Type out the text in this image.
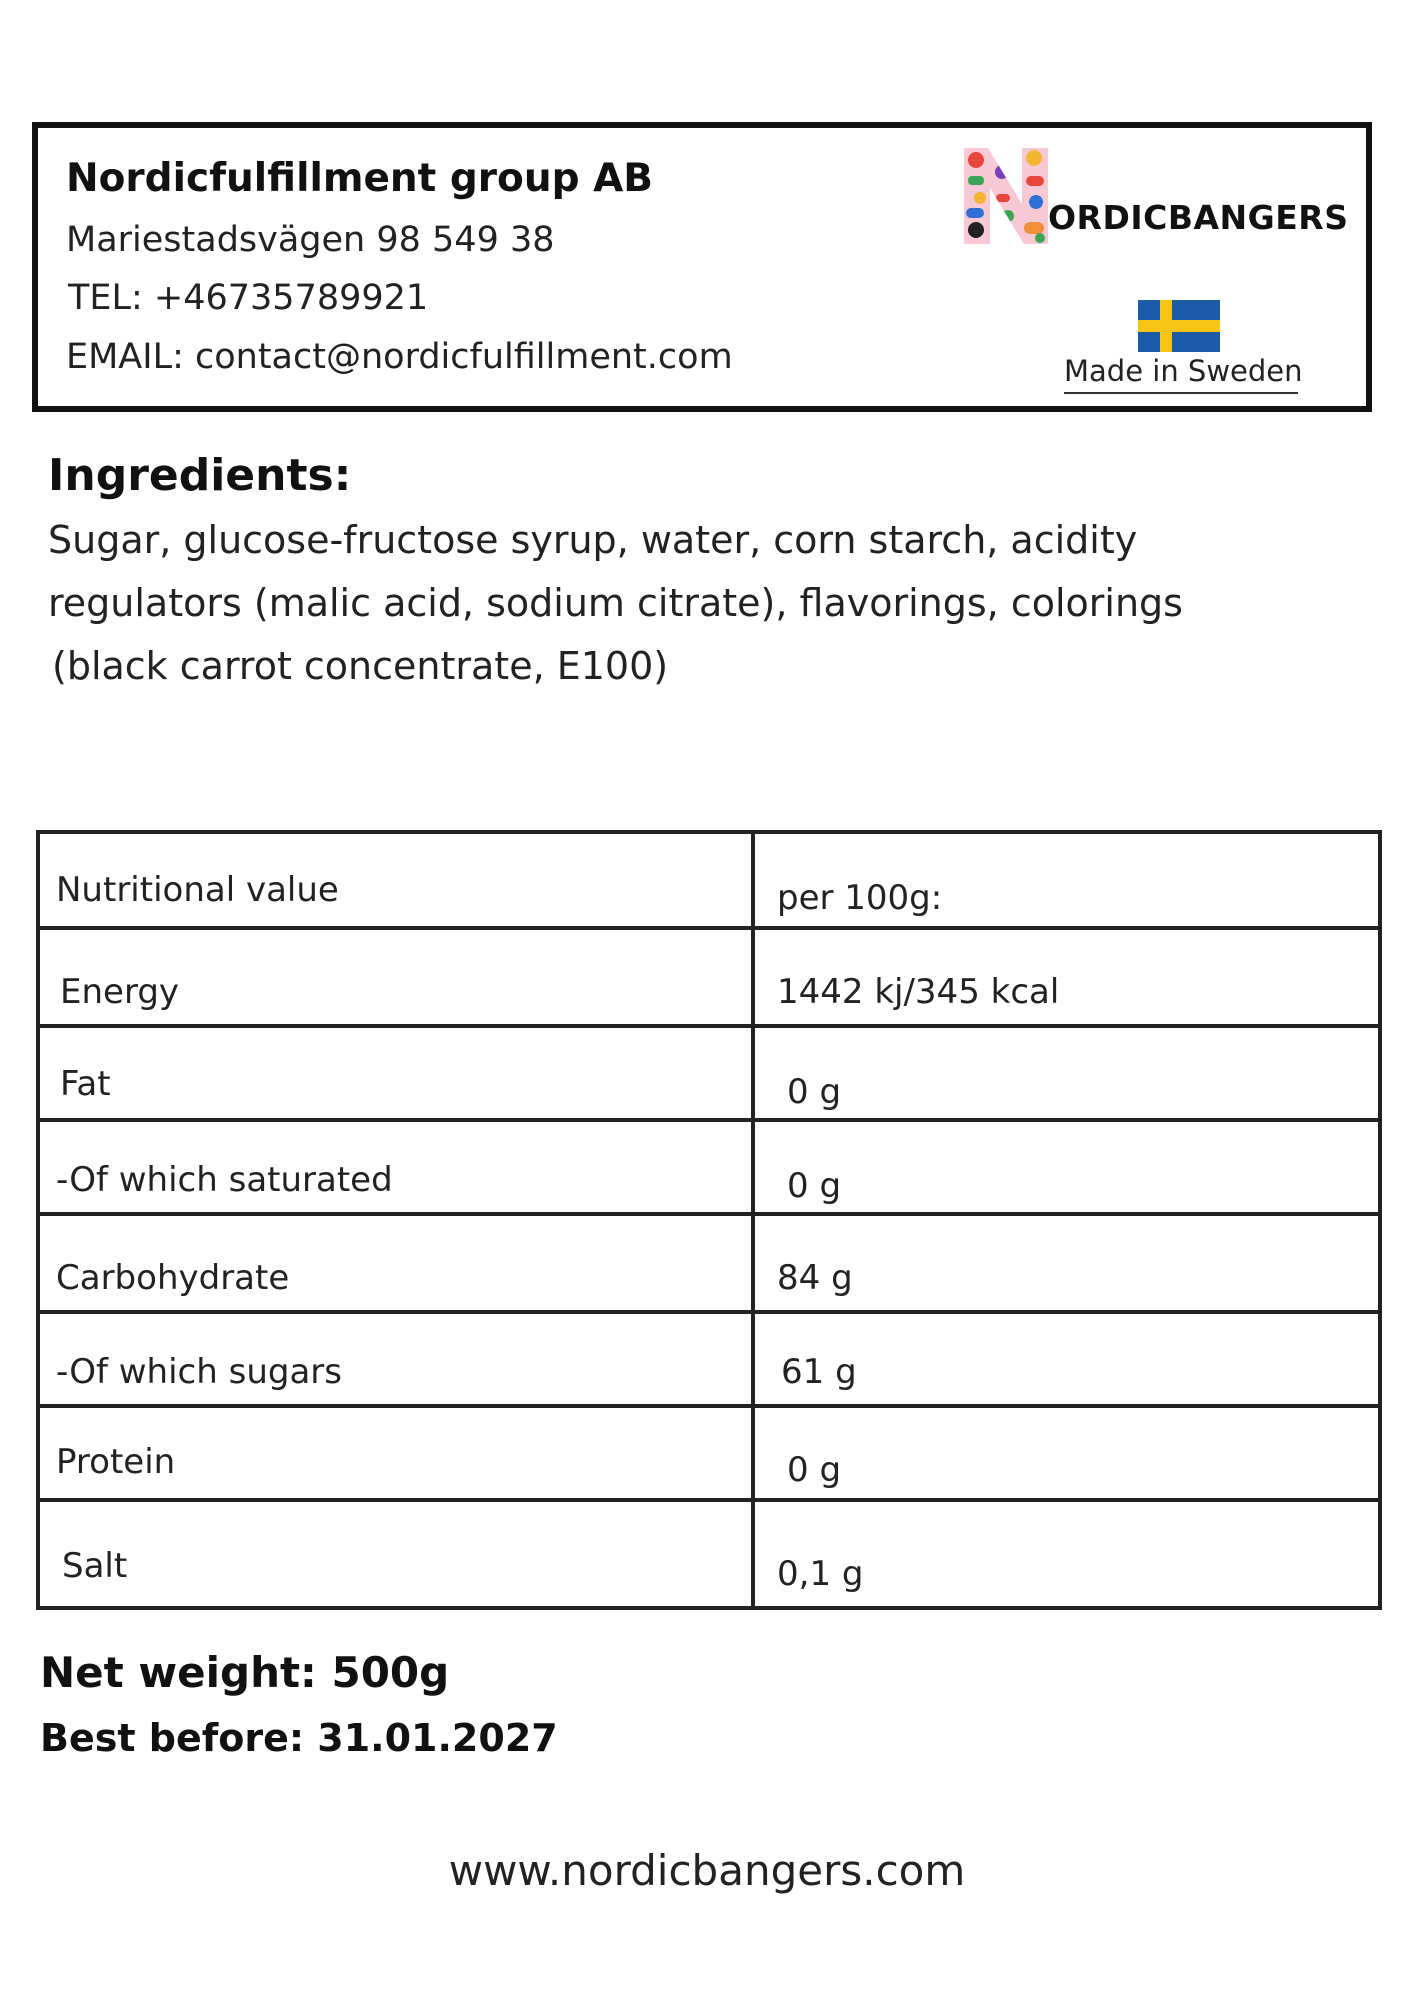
Nordicfulfillment group AB
Mariestadsvägen 98 549 38
TEL: +46735789921
EMAIL: contact@nordicfulfillment.com
ORDICBANGERS
Made in Sweden
Ingredients:
Sugar, glucose-fructose syrup, water, corn starch, acidity
regulators (malic acid, sodium citrate), flavorings, colorings
(black carrot concentrate, E100)
Nutritional value	per 100g:
Energy	1442 kj/345 kcal
Fat	0 g
-Of which saturated	0 g
Carbohydrate	84 g
-Of which sugars	61 g
Protein	0 g
Salt	0,1 g
Net weight: 500g
Best before: 31.01.2027
www.nordicbangers.com
